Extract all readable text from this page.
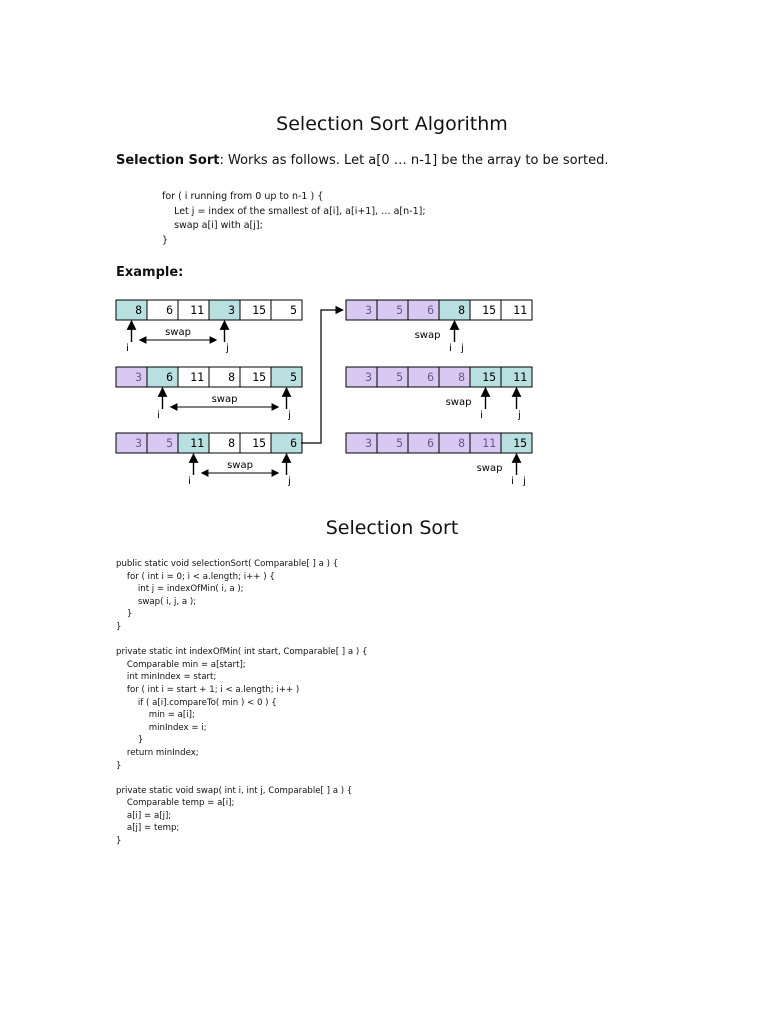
Selection Sort Algorithm

Selection Sort: Works as follows. Let a[0 … n-1] be the array to be sorted.

for ( i running from 0 up to n-1 ) {
Let j = index of the smallest of a[i], a[i+1], … a[n-1];
swap a[i] with a[j];
}

Example:

8 6 11 3 15 5
i	j
swap
3 6 11 8 15 5
i	j
swap
3 5 11 8 15 6
i	j
swap
3 5 6 8 15 11
i j
swap
3 5 6 8 15 11
i	j
swap
3 5 6 8 11 15
i j
swap
Selection Sort
public static void selectionSort( Comparable[ ] a ) {
for ( int i = 0; i < a.length; i++ ) {
int j = indexOfMin( i, a );
swap( i, j, a );
}
}
private static int indexOfMin( int start, Comparable[ ] a ) {
Comparable min = a[start];
int minIndex = start;
for ( int i = start + 1; i < a.length; i++ )
if ( a[i].compareTo( min ) < 0 ) {
min = a[i];
minIndex = i;
}
return minIndex;
}
private static void swap( int i, int j, Comparable[ ] a ) {
Comparable temp = a[i];
a[i] = a[j];
a[j] = temp;
}
